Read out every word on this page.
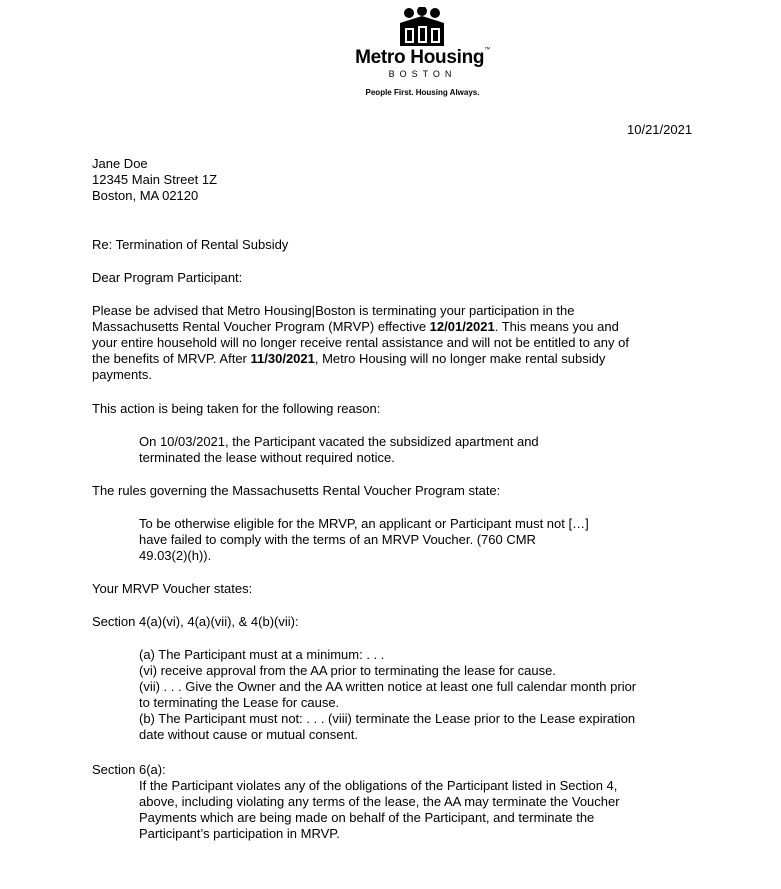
Metro Housing™
BOSTON
People First. Housing Always.
10/21/2021
Jane Doe
12345 Main Street 1Z
Boston, MA 02120
Re: Termination of Rental Subsidy
Dear Program Participant:
Please be advised that Metro Housing|Boston is terminating your participation in the
Massachusetts Rental Voucher Program (MRVP) effective 12/01/2021. This means you and
your entire household will no longer receive rental assistance and will not be entitled to any of
the benefits of MRVP. After 11/30/2021, Metro Housing will no longer make rental subsidy
payments.
This action is being taken for the following reason:
On 10/03/2021, the Participant vacated the subsidized apartment and
terminated the lease without required notice.
The rules governing the Massachusetts Rental Voucher Program state:
To be otherwise eligible for the MRVP, an applicant or Participant must not […]
have failed to comply with the terms of an MRVP Voucher. (760 CMR
49.03(2)(h)).
Your MRVP Voucher states:
Section 4(a)(vi), 4(a)(vii), & 4(b)(vii):
(a) The Participant must at a minimum: . . .
(vi) receive approval from the AA prior to terminating the lease for cause.
(vii) . . . Give the Owner and the AA written notice at least one full calendar month prior
to terminating the Lease for cause.
(b) The Participant must not: . . . (viii) terminate the Lease prior to the Lease expiration
date without cause or mutual consent.
Section 6(a):
If the Participant violates any of the obligations of the Participant listed in Section 4,
above, including violating any terms of the lease, the AA may terminate the Voucher
Payments which are being made on behalf of the Participant, and terminate the
Participant’s participation in MRVP.
